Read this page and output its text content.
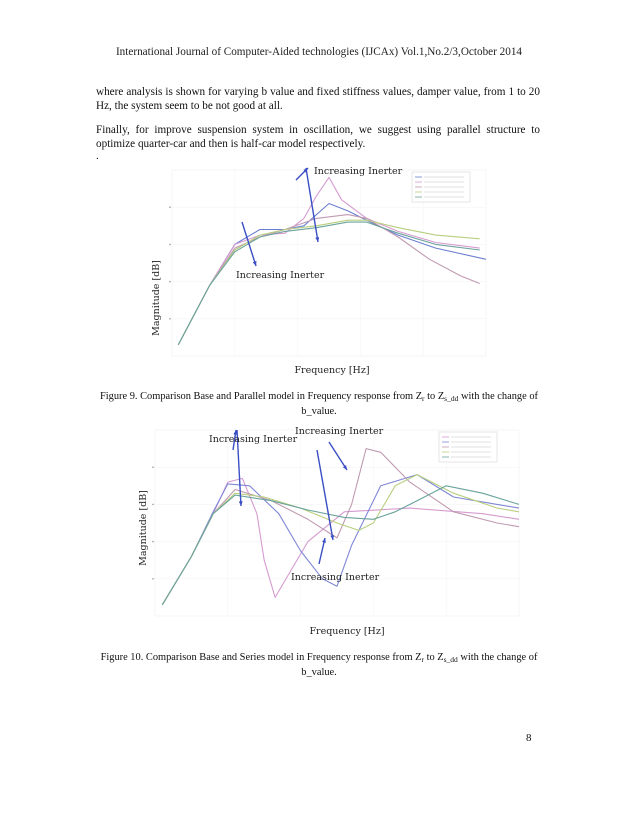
International Journal of Computer-Aided technologies (IJCAx) Vol.1,No.2/3,October 2014
where analysis is shown for varying b value and fixed stiffness values, damper value, from 1 to 20 Hz, the system seem to be not good at all.
Finally, for improve suspension system in oscillation, we suggest using parallel structure to optimize quarter-car and then is half-car model respectively.
.
Magnitude [dB]
Frequency [Hz]
Increasing Inerter
Increasing Inerter
Figure 9. Comparison Base and Parallel model in Frequency response from $Z_r$ to $Z_{s\_dd}$ with the change of b_value.
Magnitude [dB]
Frequency [Hz]
Increasing Inerter
Increasing Inerter
Increasing Inerter
Figure 10. Comparison Base and Series model in Frequency response from $Z_r$ to $Z_{s\_dd}$ with the change of b_value.
8
